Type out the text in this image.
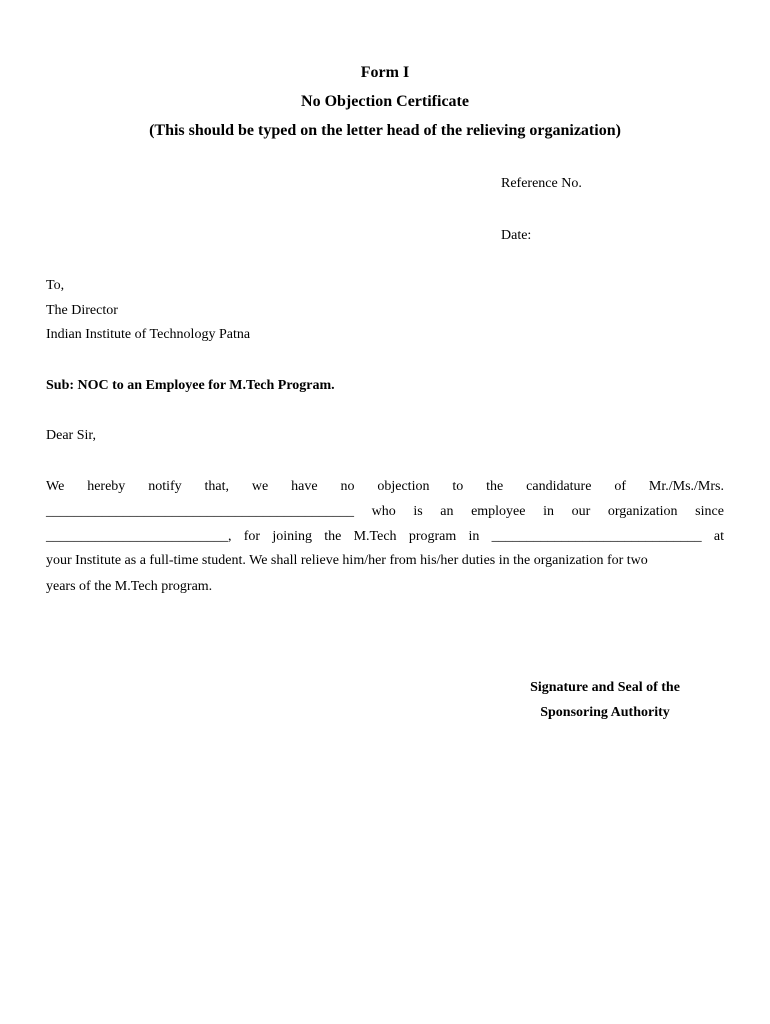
Form I
No Objection Certificate
(This should be typed on the letter head of the relieving organization)
Reference No.
Date:
To,
The Director
Indian Institute of Technology Patna
Sub: NOC to an Employee for M.Tech Program.
Dear Sir,
We hereby notify that, we have no objection to the candidature of Mr./Ms./Mrs.
____________________________________________ who is an employee in our organization since
__________________________, for joining the M.Tech program in ______________________________ at
your Institute as a full-time student. We shall relieve him/her from his/her duties in the organization for two
years of the M.Tech program.
Signature and Seal of the
Sponsoring Authority
